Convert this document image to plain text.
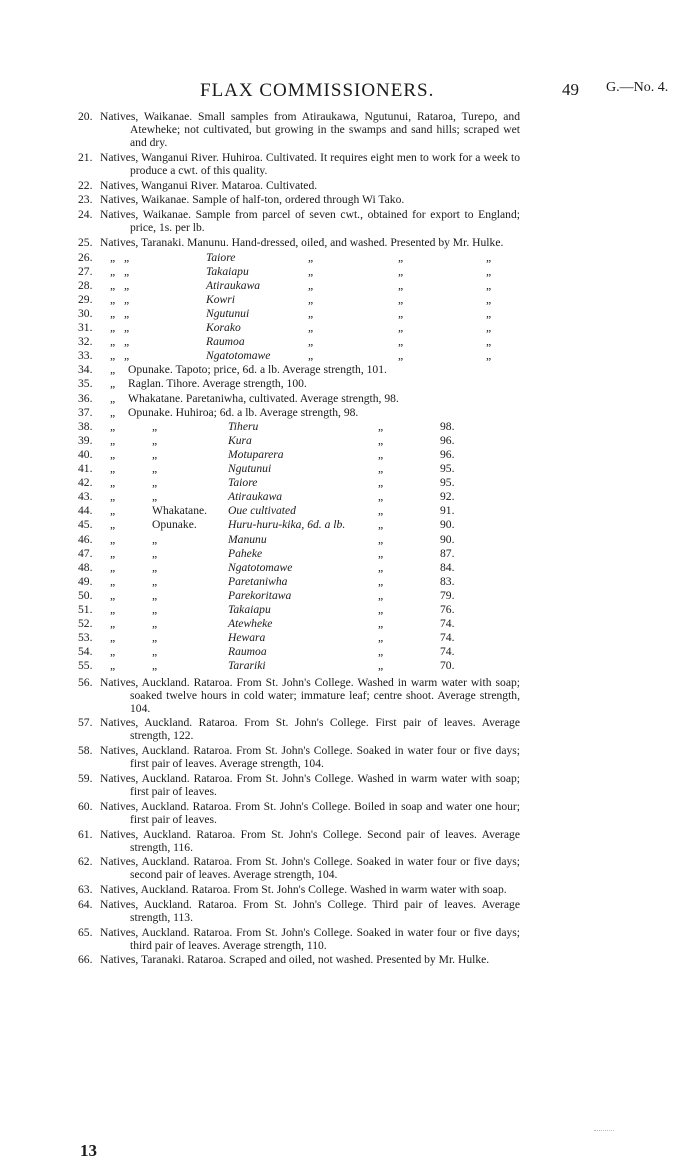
FLAX COMMISSIONERS.	49 G.—No. 4.
20. Natives, Waikanae. Small samples from Atiraukawa, Ngutunui, Rataroa, Turepo, and Atewheke; not cultivated, but growing in the swamps and sand hills; scraped wet and dry.
21. Natives, Wanganui River. Huhiroa. Cultivated. It requires eight men to work for a week to produce a cwt. of this quality.
22. Natives, Wanganui River. Mataroa. Cultivated.
23. Natives, Waikanae. Sample of half-ton, ordered through Wi Tako.
24. Natives, Waikanae. Sample from parcel of seven cwt., obtained for export to England; price, 1s. per lb.
25. Natives, Taranaki. Manunu. Hand-dressed, oiled, and washed. Presented by Mr. Hulke.
26. „ „	Taiore	„	„	„
27. „ „	Takaiapu	„	„	„
28. „ „	Atiraukawa	„	„	„
29. „ „	Kowri	„	„	„
30. „ „	Ngutunui	„	„	„
31. „ „	Korako	„	„	„
32. „ „	Raumoa	„	„	„
33. „ „	Ngatotomawe	„	„	„
34. „ Opunake. Tapoto; price, 6d. a lb. Average strength, 101.
35. „ Raglan. Tihore. Average strength, 100.
36. „ Whakatane. Paretaniwha, cultivated. Average strength, 98.
37. „ Opunake. Huhiroa; 6d. a lb. Average strength, 98.
38. „	„	Tiheru	„	98.
39. „	„	Kura	„	96.
40. „	„	Motuparera	„	96.
41. „	„	Ngutunui	„	95.
42. „	„	Taiore	„	95.
43. „	„	Atiraukawa	„	92.
44. „	Whakatane. Oue cultivated	„	91.
45. „	Opunake.	Huru-huru-kika, 6d. a lb.	„	90.
46. „	„	Manunu	„	90.
47. „	„	Paheke	„	87.
48. „	„	Ngatotomawe	„	84.
49. „	„	Paretaniwha	„	83.
50. „	„	Parekoritawa	„	79.
51. „	„	Takaiapu	„	76.
52. „	„	Atewheke	„	74.
53. „	„	Hewara	„	74.
54. „	„	Raumoa	„	74.
55. „	„	Tarariki	„	70.
56. Natives, Auckland. Rataroa. From St. John's College. Washed in warm water with soap; soaked twelve hours in cold water; immature leaf; centre shoot. Average strength, 104.
57. Natives, Auckland. Rataroa. From St. John's College. First pair of leaves. Average strength, 122.
58. Natives, Auckland. Rataroa. From St. John's College. Soaked in water four or five days; first pair of leaves. Average strength, 104.
59. Natives, Auckland. Rataroa. From St. John's College. Washed in warm water with soap; first pair of leaves.
60. Natives, Auckland. Rataroa. From St. John's College. Boiled in soap and water one hour; first pair of leaves.
61. Natives, Auckland. Rataroa. From St. John's College. Second pair of leaves. Average strength, 116.
62. Natives, Auckland. Rataroa. From St. John's College. Soaked in water four or five days; second pair of leaves. Average strength, 104.
63. Natives, Auckland. Rataroa. From St. John's College. Washed in warm water with soap.
64. Natives, Auckland. Rataroa. From St. John's College. Third pair of leaves. Average strength, 113.
65. Natives, Auckland. Rataroa. From St. John's College. Soaked in water four or five days; third pair of leaves. Average strength, 110.
66. Natives, Taranaki. Rataroa. Scraped and oiled, not washed. Presented by Mr. Hulke.
13
